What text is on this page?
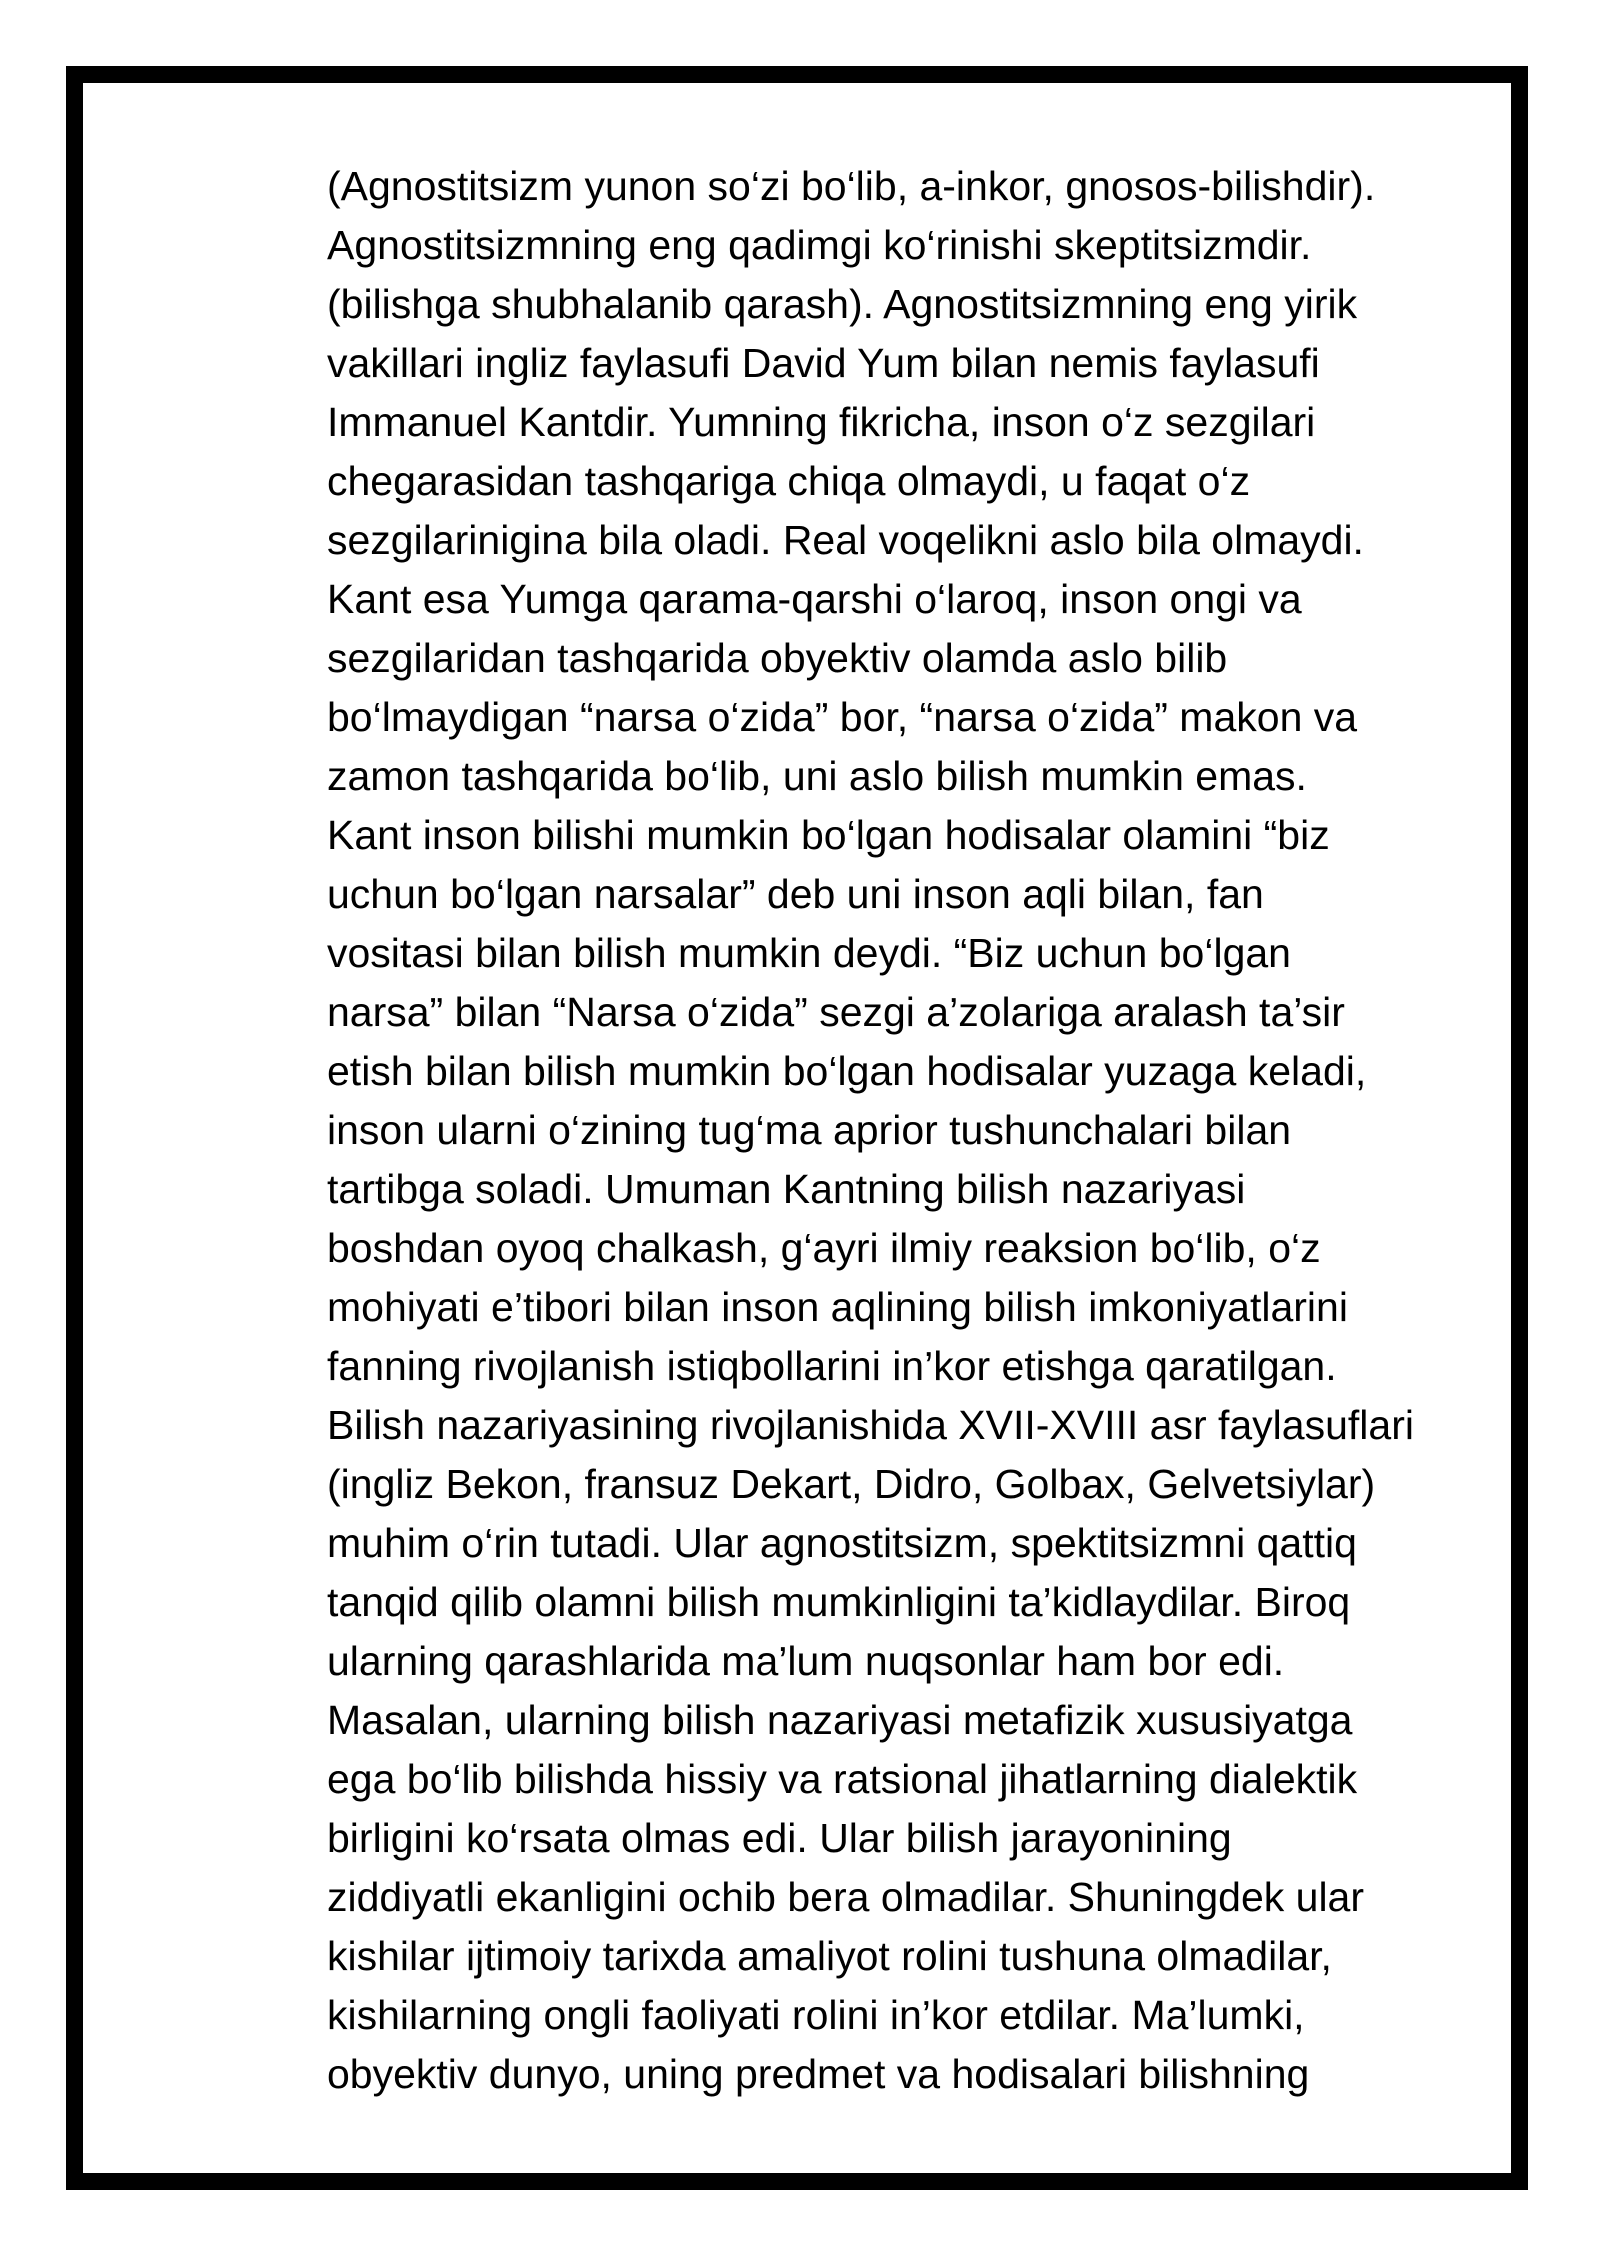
(Agnostitsizm yunon so‘zi bo‘lib, a-inkor, gnosos-bilishdir).
Agnostitsizmning eng qadimgi ko‘rinishi skeptitsizmdir.
(bilishga shubhalanib qarash). Agnostitsizmning eng yirik
vakillari ingliz faylasufi David Yum bilan nemis faylasufi
Immanuel Kantdir. Yumning fikricha, inson o‘z sezgilari
chegarasidan tashqariga chiqa olmaydi, u faqat o‘z
sezgilarinigina bila oladi. Real voqelikni aslo bila olmaydi.
Kant esa Yumga qarama-qarshi o‘laroq, inson ongi va
sezgilaridan tashqarida obyektiv olamda aslo bilib
bo‘lmaydigan “narsa o‘zida” bor, “narsa o‘zida” makon va
zamon tashqarida bo‘lib, uni aslo bilish mumkin emas.
Kant inson bilishi mumkin bo‘lgan hodisalar olamini “biz
uchun bo‘lgan narsalar” deb uni inson aqli bilan, fan
vositasi bilan bilish mumkin deydi. “Biz uchun bo‘lgan
narsa” bilan “Narsa o‘zida” sezgi a’zolariga aralash ta’sir
etish bilan bilish mumkin bo‘lgan hodisalar yuzaga keladi,
inson ularni o‘zining tug‘ma aprior tushunchalari bilan
tartibga soladi. Umuman Kantning bilish nazariyasi
boshdan oyoq chalkash, g‘ayri ilmiy reaksion bo‘lib, o‘z
mohiyati e’tibori bilan inson aqlining bilish imkoniyatlarini
fanning rivojlanish istiqbollarini in’kor etishga qaratilgan.
Bilish nazariyasining rivojlanishida XVII-XVIII asr faylasuflari
(ingliz Bekon, fransuz Dekart, Didro, Golbax, Gelvetsiylar)
muhim o‘rin tutadi. Ular agnostitsizm, spektitsizmni qattiq
tanqid qilib olamni bilish mumkinligini ta’kidlaydilar. Biroq
ularning qarashlarida ma’lum nuqsonlar ham bor edi.
Masalan, ularning bilish nazariyasi metafizik xususiyatga
ega bo‘lib bilishda hissiy va ratsional jihatlarning dialektik
birligini ko‘rsata olmas edi. Ular bilish jarayonining
ziddiyatli ekanligini ochib bera olmadilar. Shuningdek ular
kishilar ijtimoiy tarixda amaliyot rolini tushuna olmadilar,
kishilarning ongli faoliyati rolini in’kor etdilar. Ma’lumki,
obyektiv dunyo, uning predmet va hodisalari bilishning
